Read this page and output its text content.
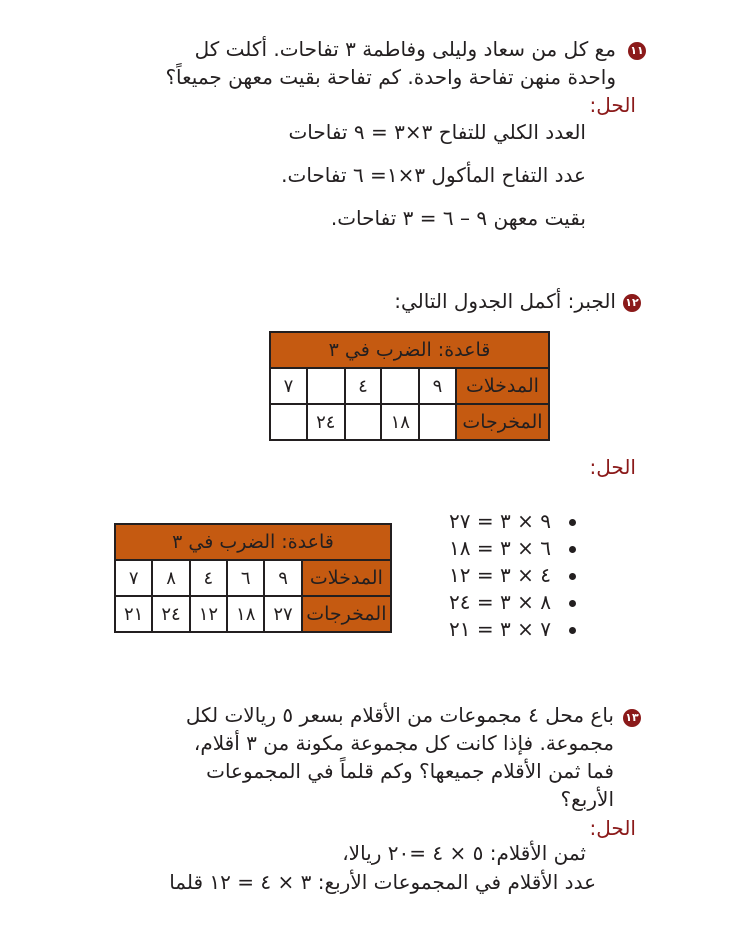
١١
مع كل من سعاد وليلى وفاطمة ٣ تفاحات. أكلت كل
واحدة منهن تفاحة واحدة. كم تفاحة بقيت معهن جميعاً؟
الحل:
العدد الكلي للتفاح ٣×٣ = ٩ تفاحات
عدد التفاح المأكول ٣×١= ٦ تفاحات.
بقيت معهن ٩ – ٦ = ٣ تفاحات.
١٢
الجبر: أكمل الجدول التالي:
قاعدة: الضرب في ٣					
المدخلات	٩		٤		٧
المخرجات		١٨		٢٤	
الحل:
٩ × ٣ = ٢٧
٦ × ٣ = ١٨
٤ × ٣ = ١٢
٨ × ٣ = ٢٤
٧ × ٣ = ٢١
قاعدة: الضرب في ٣					
المدخلات	٩	٦	٤	٨	٧
المخرجات	٢٧	١٨	١٢	٢٤	٢١
١٣
باع محل ٤ مجموعات من الأقلام بسعر ٥ ريالات لكل
مجموعة. فإذا كانت كل مجموعة مكونة من ٣ أقلام،
فما ثمن الأقلام جميعها؟ وكم قلماً في المجموعات
الأربع؟
الحل:
ثمن الأقلام: ٥ × ٤ =٢٠ ريالا،
عدد الأقلام في المجموعات الأربع: ٣ × ٤ = ١٢ قلما
